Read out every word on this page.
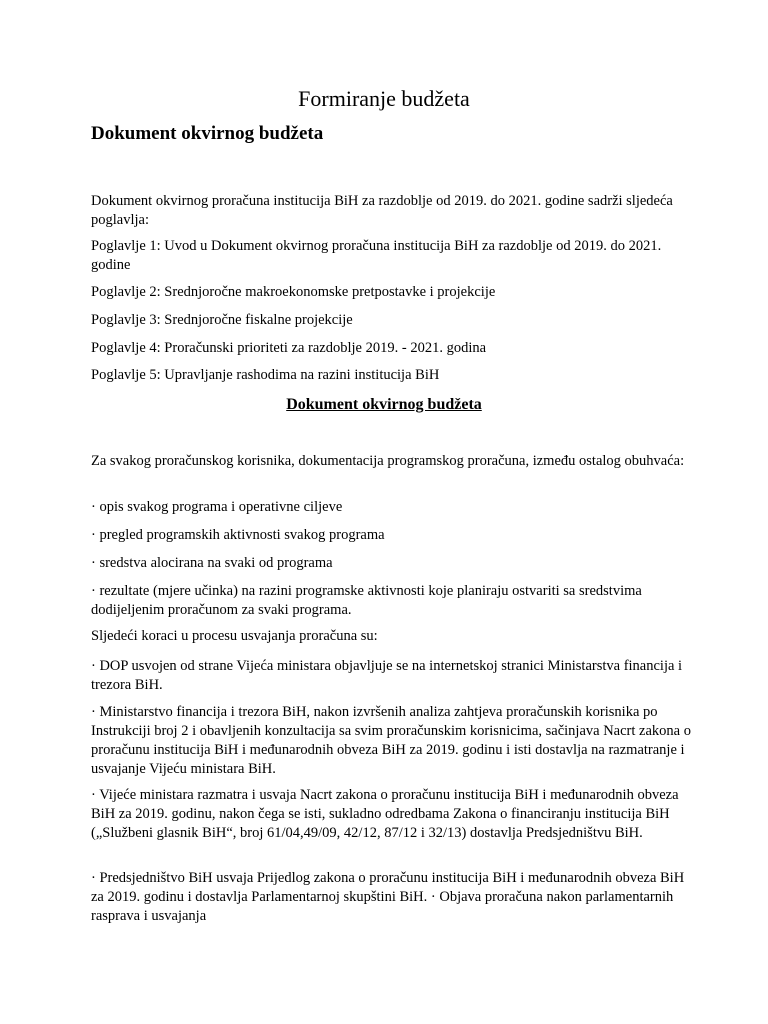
Formiranje budžeta
Dokument okvirnog budžeta

Dokument okvirnog proračuna institucija BiH za razdoblje od 2019. do 2021. godine sadrži sljedeća poglavlja:

Poglavlje 1: Uvod u Dokument okvirnog proračuna institucija BiH za razdoblje od 2019. do 2021. godine

Poglavlje 2: Srednjoročne makroekonomske pretpostavke i projekcije

Poglavlje 3: Srednjoročne fiskalne projekcije

Poglavlje 4: Proračunski prioriteti za razdoblje 2019. - 2021. godina

Poglavlje 5: Upravljanje rashodima na razini institucija BiH

Dokument okvirnog budžeta

Za svakog proračunskog korisnika, dokumentacija programskog proračuna, između ostalog obuhvaća:

· opis svakog programa i operativne ciljeve

· pregled programskih aktivnosti svakog programa

· sredstva alocirana na svaki od programa

· rezultate (mjere učinka) na razini programske aktivnosti koje planiraju ostvariti sa sredstvima dodijeljenim proračunom za svaki programa.

Sljedeći koraci u procesu usvajanja proračuna su:

· DOP usvojen od strane Vijeća ministara objavljuje se na internetskoj stranici Ministarstva financija i trezora BiH.

· Ministarstvo financija i trezora BiH, nakon izvršenih analiza zahtjeva proračunskih korisnika po Instrukciji broj 2 i obavljenih konzultacija sa svim proračunskim korisnicima, sačinjava Nacrt zakona o proračunu institucija BiH i međunarodnih obveza BiH za 2019. godinu i isti dostavlja na razmatranje i usvajanje Vijeću ministara BiH.

· Vijeće ministara razmatra i usvaja Nacrt zakona o proračunu institucija BiH i međunarodnih obveza BiH za 2019. godinu, nakon čega se isti, sukladno odredbama Zakona o financiranju institucija BiH („Službeni glasnik BiH“, broj 61/04,49/09, 42/12, 87/12 i 32/13) dostavlja Predsjedništvu BiH.

· Predsjedništvo BiH usvaja Prijedlog zakona o proračunu institucija BiH i međunarodnih obveza BiH za 2019. godinu i dostavlja Parlamentarnoj skupštini BiH. · Objava proračuna nakon parlamentarnih rasprava i usvajanja
